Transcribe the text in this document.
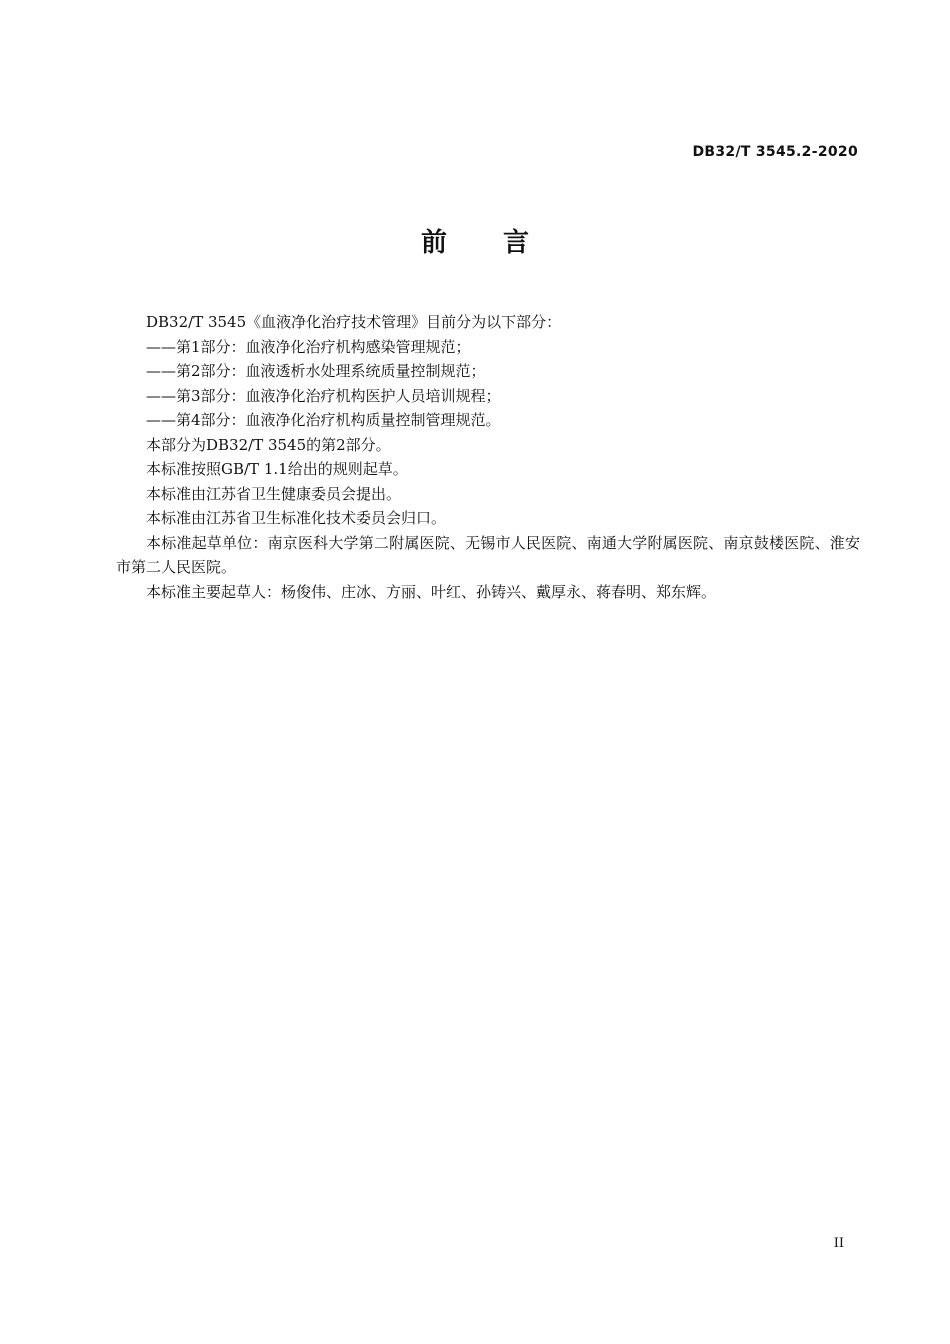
DB32/T 3545.2-2020
前言

DB32/T 3545《血液净化治疗技术管理》目前分为以下部分：

——第1部分：血液净化治疗机构感染管理规范；

——第2部分：血液透析水处理系统质量控制规范；

——第3部分：血液净化治疗机构医护人员培训规程；

——第4部分：血液净化治疗机构质量控制管理规范。

本部分为DB32/T 3545的第2部分。

本标准按照GB/T 1.1给出的规则起草。

本标准由江苏省卫生健康委员会提出。

本标准由江苏省卫生标准化技术委员会归口。

本标准起草单位：南京医科大学第二附属医院、无锡市人民医院、南通大学附属医院、南京鼓楼医院、淮安市第二人民医院。

本标准主要起草人：杨俊伟、庄冰、方丽、叶红、孙铸兴、戴厚永、蒋春明、郑东辉。

II
